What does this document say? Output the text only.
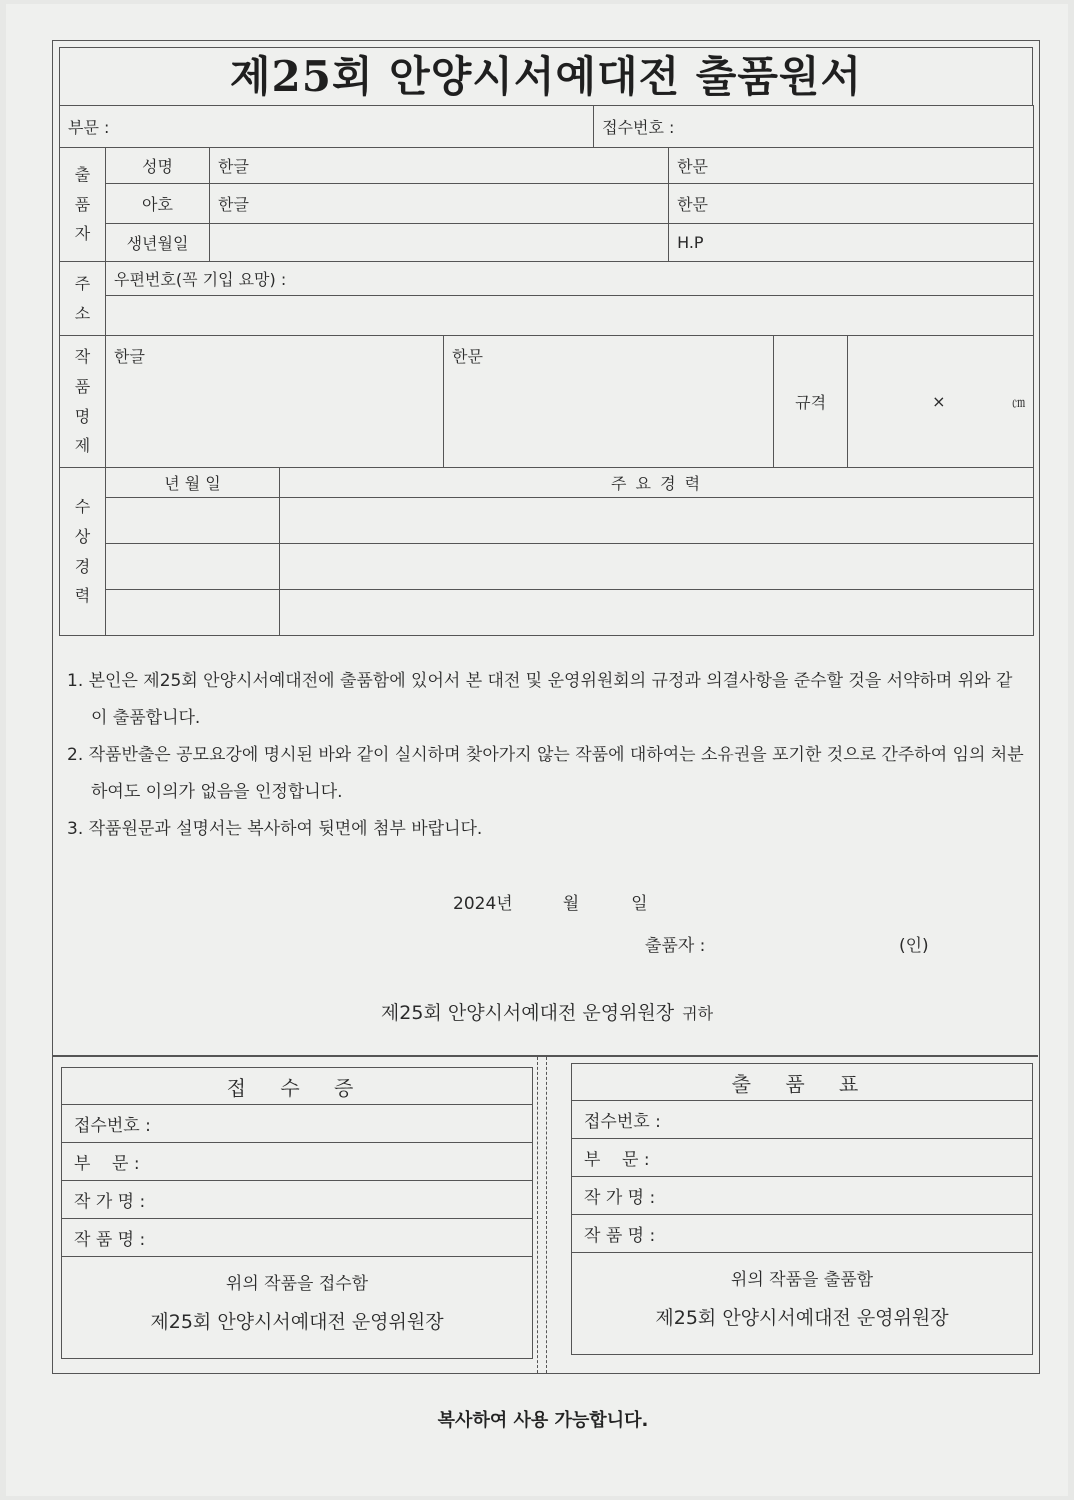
제25회 안양시서예대전 출품원서
부문 :					접수번호 :			

출
품
자	성명	한글				한문		
	아호	한글				한문		
	생년월일					H.P		

주
소	우편번호(꼭 기입 요망) :							

작
품
명
제	한글			한문			규격	× ㎝

수
상
경
력	년 월 일		주 요 경 력					

1. 본인은 제25회 안양시서예대전에 출품함에 있어서 본 대전 및 운영위원회의 규정과 의결사항을 준수할 것을 서약하며 위와 같이 출품합니다.
2. 작품반출은 공모요강에 명시된 바와 같이 실시하며 찾아가지 않는 작품에 대하여는 소유권을 포기한 것으로 간주하여 임의 처분하여도 이의가 없음을 인정합니다.
3. 작품원문과 설명서는 복사하여 뒷면에 첨부 바랍니다.
2024년	월	일
출품자 :	(인)
제25회 안양시서예대전 운영위원장 귀하
접 수 증
접수번호 :
부    문 :
작 가 명 :
작 품 명 :

위의 작품을 접수함
제25회 안양시서예대전 운영위원장
출 품 표
접수번호 :
부    문 :
작 가 명 :
작 품 명 :

위의 작품을 출품함
제25회 안양시서예대전 운영위원장
복사하여 사용 가능합니다.
